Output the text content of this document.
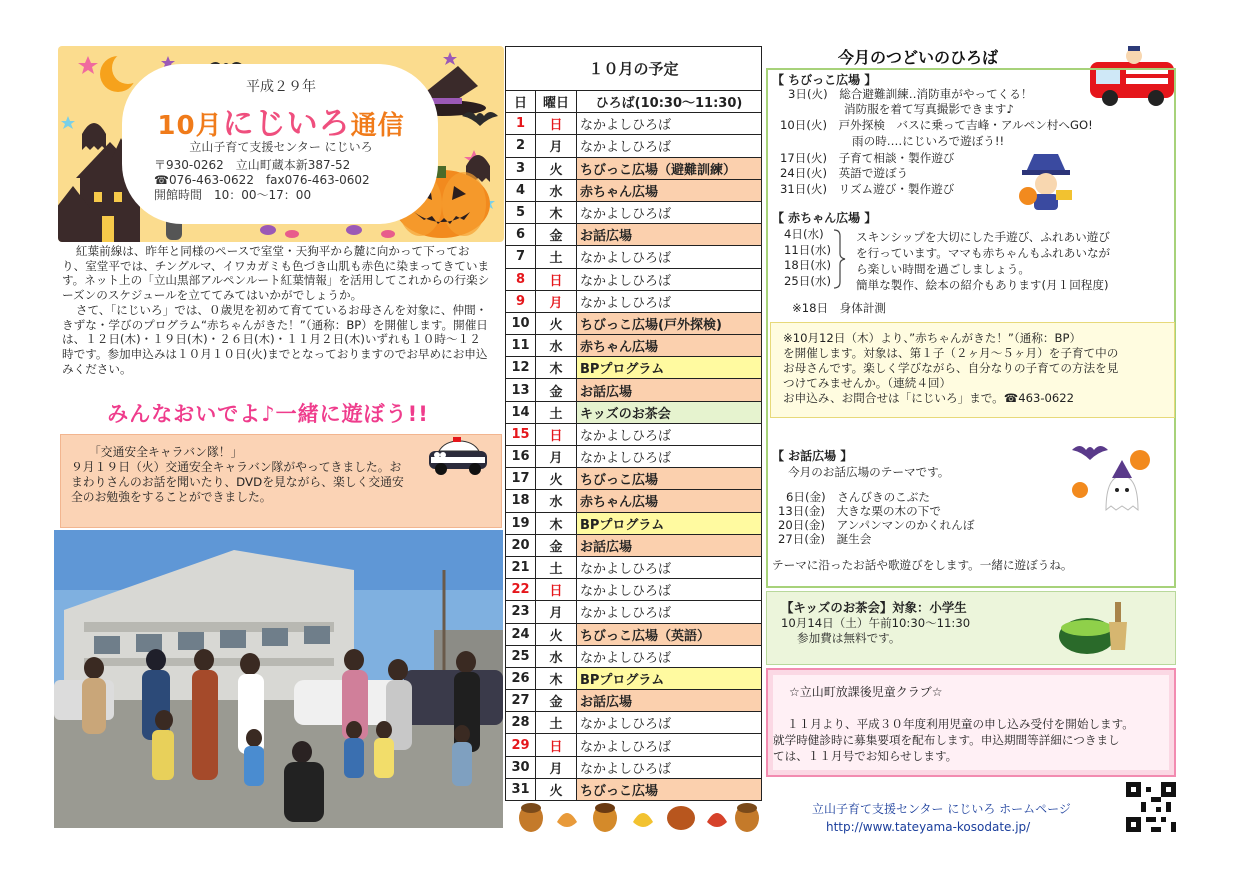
平成２９年
10月にじいろ通信
立山子育て支援センター にじいろ
〒930-0262　立山町蔵本新387-52
☎076-463-0622　fax076-463-0602
開館時間　10：00～17：00

紅葉前線は、昨年と同様のペースで室堂・天狗平から麓に向かって下っており、室堂平では、チングルマ、イワカガミも色づき山肌も赤色に染まってきています。ネット上の「立山黒部アルペンルート紅葉情報」を活用してこれからの行楽シーズンのスケジュールを立ててみてはいかがでしょうか。

さて、「にじいろ」では、０歳児を初めて育てているお母さんを対象に、仲間・きずな・学びのプログラム“赤ちゃんがきた！”（通称：BP）を開催します。開催日は、１２日(木)・１９日(木)・２６日(木)・１１月２日(木)いずれも１０時～１２時です。参加申込みは１０月１０日(火)までとなっておりますのでお早めにお申込みください。

みんなおいでよ♪一緒に遊ぼう!!
「交通安全キャラバン隊！」
９月１９日（火）交通安全キャラバン隊がやってきました。おまわりさんのお話を聞いたり、DVDを見ながら、楽しく交通安全のお勉強をすることができました。
１０月の予定		
日	曜日	ひろば(10:30～11:30)
1	日	なかよしひろば
2	月	なかよしひろば
3	火	ちびっこ広場（避難訓練）
4	水	赤ちゃん広場
5	木	なかよしひろば
6	金	お話広場
7	土	なかよしひろば
8	日	なかよしひろば
9	月	なかよしひろば
10	火	ちびっこ広場(戸外探検)
11	水	赤ちゃん広場
12	木	BPプログラム
13	金	お話広場
14	土	キッズのお茶会
15	日	なかよしひろば
16	月	なかよしひろば
17	火	ちびっこ広場
18	水	赤ちゃん広場
19	木	BPプログラム
20	金	お話広場
21	土	なかよしひろば
22	日	なかよしひろば
23	月	なかよしひろば
24	火	ちびっこ広場（英語）
25	水	なかよしひろば
26	木	BPプログラム
27	金	お話広場
28	土	なかよしひろば
29	日	なかよしひろば
30	月	なかよしひろば
31	火	ちびっこ広場
今月のつどいのひろば
【 ちびっこ広場 】
3日(火)　総合避難訓練‥消防車がやってくる！
消防服を着て写真撮影できます♪
10日(火)　戸外探検　バスに乗って吉峰・アルペン村へGO!
雨の時‥‥にじいろで遊ぼう!!
17日(火)　子育て相談・製作遊び
24日(火)　英語で遊ぼう
31日(火)　リズム遊び・製作遊び
【 赤ちゃん広場 】
4日(水)
11日(水)
18日(水)
25日(水)
スキンシップを大切にした手遊び、ふれあい遊び
を行っています。ママも赤ちゃんもふれあいなが
ら楽しい時間を過ごしましょう。
簡単な製作、絵本の紹介もあります(月１回程度)
※18日　身体計測
※10月12日（木）より、”赤ちゃんがきた！”（通称：BP）
を開催します。対象は、第１子（２ヶ月～５ヶ月）を子育て中の
お母さんです。楽しく学びながら、自分なりの子育ての方法を見
つけてみませんか。（連続４回）
お申込み、お問合せは「にじいろ」まで。☎463-0622
【 お話広場 】
今月のお話広場のテーマです。
6日(金)　さんびきのこぶた
13日(金)　大きな栗の木の下で
20日(金)　アンパンマンのかくれんぼ
27日(金)　誕生会
テーマに沿ったお話や歌遊びをします。一緒に遊ぼうね。
【キッズのお茶会】対象：小学生
10月14日（土）午前10:30～11:30
参加費は無料です。
☆立山町放課後児童クラブ☆
１１月より、平成３０年度利用児童の申し込み受付を開始します。
就学時健診時に募集要項を配布します。申込期間等詳細につきまし
ては、１１月号でお知らせします。
立山子育て支援センター にじいろ ホームページ
http://www.tateyama-kosodate.jp/
